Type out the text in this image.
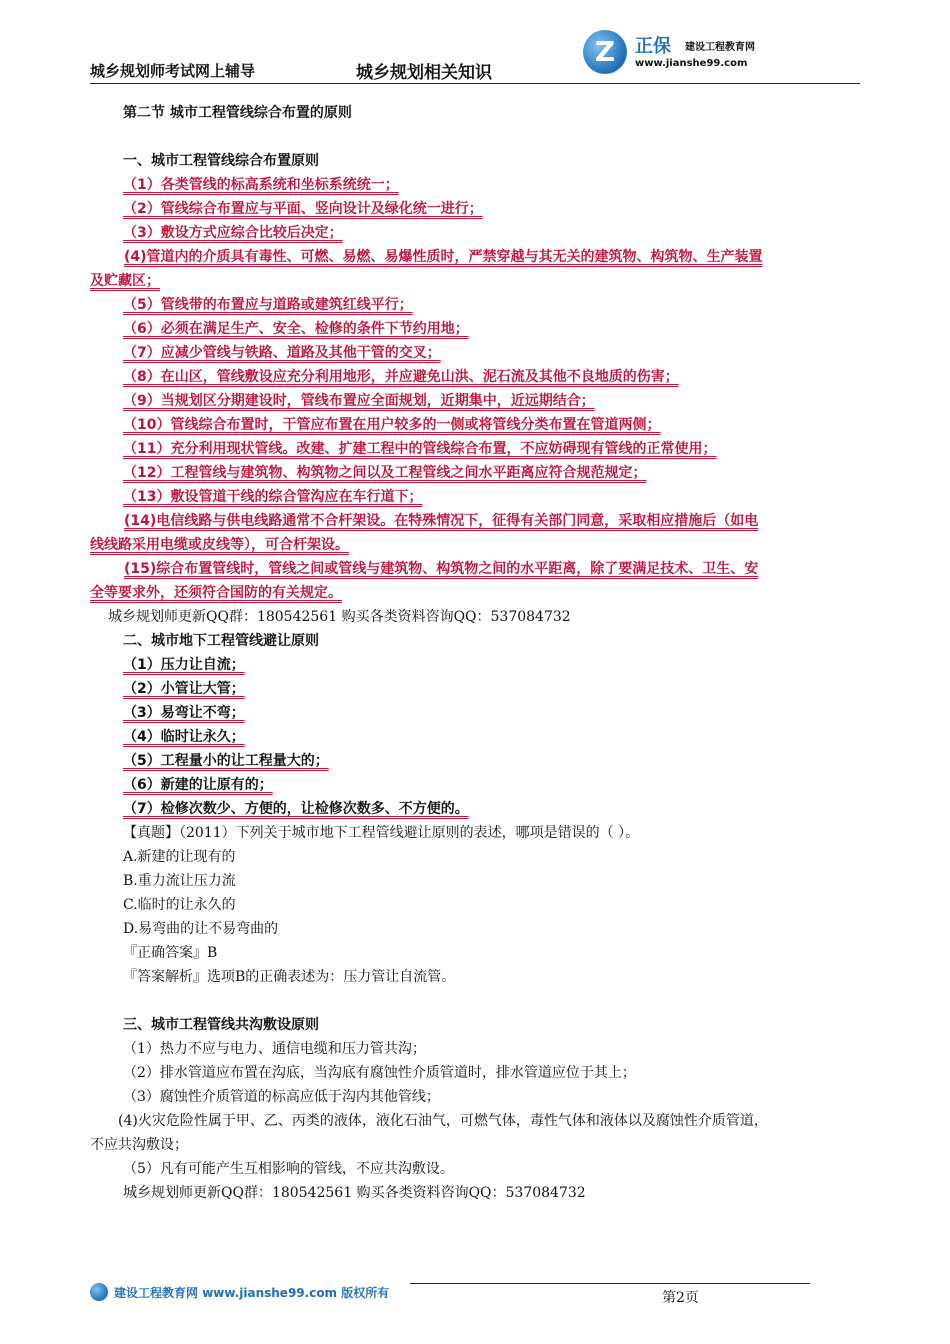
城乡规划师考试网上辅导	城乡规划相关知识
Z	正保 建设工程教育网
www.jianshe99.com
第二节 城市工程管线综合布置的原则
一、城市工程管线综合布置原则
（1）各类管线的标高系统和坐标系统统一；
（2）管线综合布置应与平面、竖向设计及绿化统一进行；
（3）敷设方式应综合比较后决定；
(4)管道内的介质具有毒性、可燃、易燃、易爆性质时，严禁穿越与其无关的建筑物、构筑物、生产装置
及贮藏区；
（5）管线带的布置应与道路或建筑红线平行；
（6）必须在满足生产、安全、检修的条件下节约用地；
（7）应减少管线与铁路、道路及其他干管的交叉；
（8）在山区，管线敷设应充分利用地形，并应避免山洪、泥石流及其他不良地质的伤害；
（9）当规划区分期建设时，管线布置应全面规划，近期集中，近远期结合；
（10）管线综合布置时，干管应布置在用户较多的一侧或将管线分类布置在管道两侧；
（11）充分利用现状管线。改建、扩建工程中的管线综合布置，不应妨碍现有管线的正常使用；
（12）工程管线与建筑物、构筑物之间以及工程管线之间水平距离应符合规范规定；
（13）敷设管道干线的综合管沟应在车行道下；
(14)电信线路与供电线路通常不合杆架设。在特殊情况下，征得有关部门同意，采取相应措施后（如电
线线路采用电缆或皮线等），可合杆架设。
(15)综合布置管线时，管线之间或管线与建筑物、构筑物之间的水平距离，除了要满足技术、卫生、安
全等要求外，还须符合国防的有关规定。
城乡规划师更新QQ群：180542561 购买各类资料咨询QQ：537084732
二、城市地下工程管线避让原则
（1）压力让自流；
（2）小管让大管；
（3）易弯让不弯；
（4）临时让永久；
（5）工程量小的让工程量大的；
（6）新建的让原有的；
（7）检修次数少、方便的，让检修次数多、不方便的。
【真题】（2011）下列关于城市地下工程管线避让原则的表述，哪项是错误的（ ）。
A.新建的让现有的
B.重力流让压力流
C.临时的让永久的
D.易弯曲的让不易弯曲的
『正确答案』B
『答案解析』选项B的正确表述为：压力管让自流管。
三、城市工程管线共沟敷设原则
（1）热力不应与电力、通信电缆和压力管共沟；
（2）排水管道应布置在沟底，当沟底有腐蚀性介质管道时，排水管道应位于其上；
（3）腐蚀性介质管道的标高应低于沟内其他管线；
(4)火灾危险性属于甲、乙、丙类的液体，液化石油气，可燃气体，毒性气体和液体以及腐蚀性介质管道，
不应共沟敷设；
（5）凡有可能产生互相影响的管线，不应共沟敷设。
城乡规划师更新QQ群：180542561 购买各类资料咨询QQ：537084732
建设工程教育网 www.jianshe99.com 版权所有	第2页
